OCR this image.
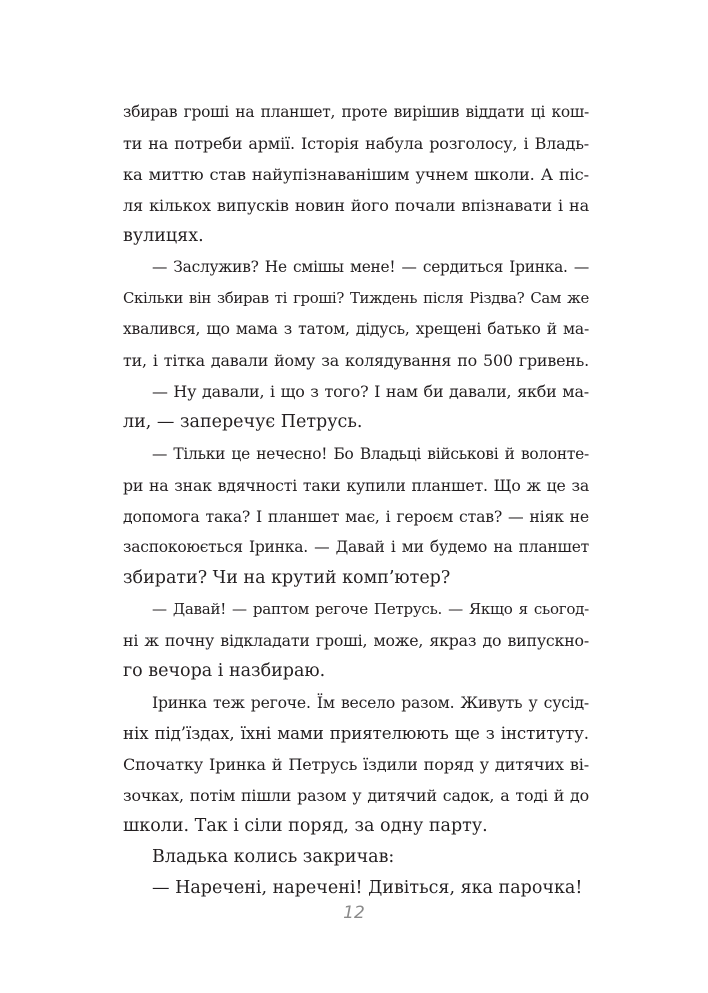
збирав гроші на планшет, проте вирішив віддати ці кош-
ти на потреби армії. Історія набула розголосу, і Владь-
ка миттю став найупізнаванішим учнем школи. А піс-
ля кількох випусків новин його почали впізнавати і на
вулицях.
— Заслужив? Не смішы мене! — сердиться Іринка. —
Скільки він збирав ті гроші? Тиждень після Різдва? Сам же
хвалився, що мама з татом, дідусь, хрещені батько й ма-
ти, і тітка давали йому за колядування по 500 гривень.
— Ну давали, і що з того? І нам би давали, якби ма-
ли, — заперечує Петрусь.
— Тільки це нечесно! Бо Владьці військові й волонте-
ри на знак вдячності таки купили планшет. Що ж це за
допомога така? І планшет має, і героєм став? — ніяк не
заспокоюється Іринка. — Давай і ми будемо на планшет
збирати? Чи на крутий комп’ютер?
— Давай! — раптом регоче Петрусь. — Якщо я сьогод-
ні ж почну відкладати гроші, може, якраз до випускно-
го вечора і назбираю.
Іринка теж регоче. Їм весело разом. Живуть у сусід-
ніх під’їздах, їхні мами приятелюють ще з інституту.
Спочатку Іринка й Петрусь їздили поряд у дитячих ві-
зочках, потім пішли разом у дитячий садок, а тоді й до
школи. Так і сіли поряд, за одну парту.
Владька колись закричав:
— Наречені, наречені! Дивіться, яка парочка!
12
